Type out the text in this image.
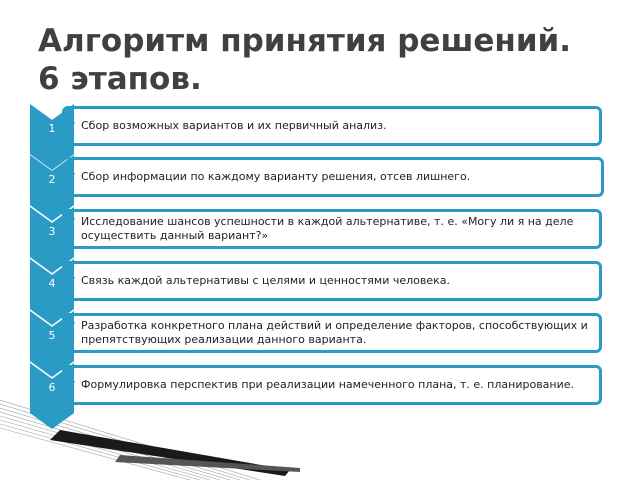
Алгоритм принятия решений.
6 этапов.
1	• Сбор возможных вариантов и их первичный анализ.
2	• Сбор информации по каждому варианту решения, отсев лишнего.
3
• Исследование шансов успешности в каждой альтернативе, т. е. «Могу ли я на деле осуществить данный вариант?»
4	• Связь каждой альтернативы с целями и ценностями человека.
5
• Разработка конкретного плана действий и определение факторов, способствующих и препятствующих реализации данного варианта.
6	• Формулировка перспектив при реализации намеченного плана, т. е. планирование.
